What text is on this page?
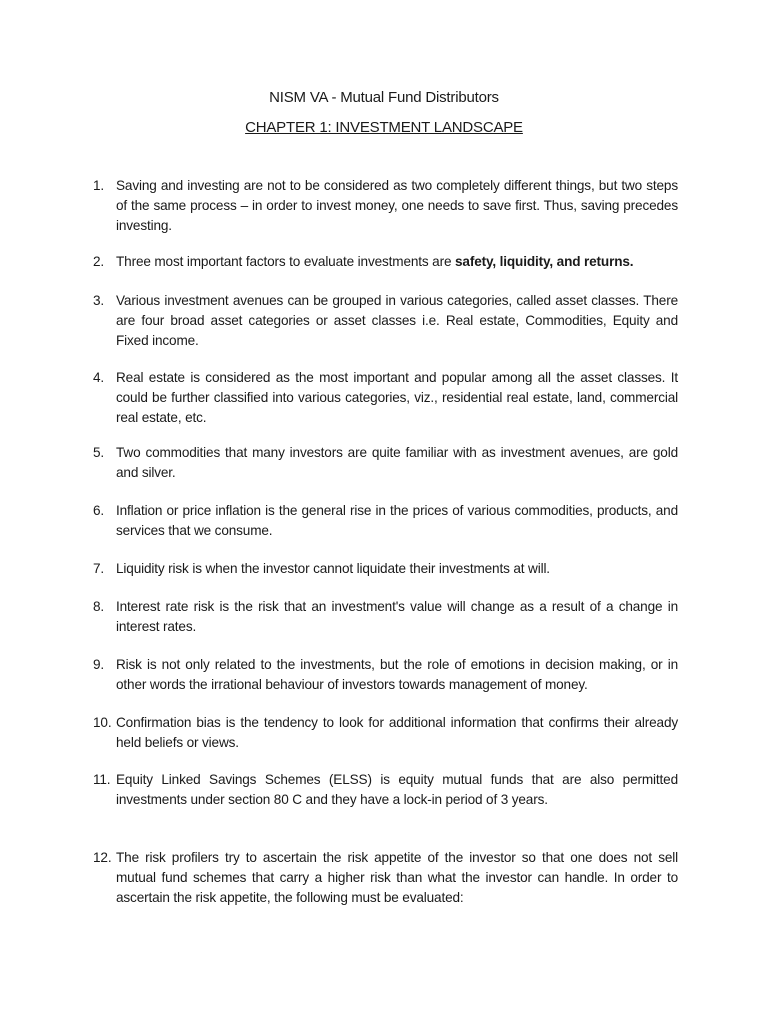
NISM VA - Mutual Fund Distributors
CHAPTER 1: INVESTMENT LANDSCAPE
1. Saving and investing are not to be considered as two completely different things, but two steps of the same process – in order to invest money, one needs to save first. Thus, saving precedes investing.
2. Three most important factors to evaluate investments are safety, liquidity, and returns.
3. Various investment avenues can be grouped in various categories, called asset classes. There are four broad asset categories or asset classes i.e. Real estate, Commodities, Equity and Fixed income.
4. Real estate is considered as the most important and popular among all the asset classes. It could be further classified into various categories, viz., residential real estate, land, commercial real estate, etc.
5. Two commodities that many investors are quite familiar with as investment avenues, are gold and silver.
6. Inflation or price inflation is the general rise in the prices of various commodities, products, and services that we consume.
7. Liquidity risk is when the investor cannot liquidate their investments at will.
8. Interest rate risk is the risk that an investment's value will change as a result of a change in interest rates.
9. Risk is not only related to the investments, but the role of emotions in decision making, or in other words the irrational behaviour of investors towards management of money.
10. Confirmation bias is the tendency to look for additional information that confirms their already held beliefs or views.
11. Equity Linked Savings Schemes (ELSS) is equity mutual funds that are also permitted investments under section 80 C and they have a lock-in period of 3 years.
12. The risk profilers try to ascertain the risk appetite of the investor so that one does not sell mutual fund schemes that carry a higher risk than what the investor can handle. In order to ascertain the risk appetite, the following must be evaluated:
